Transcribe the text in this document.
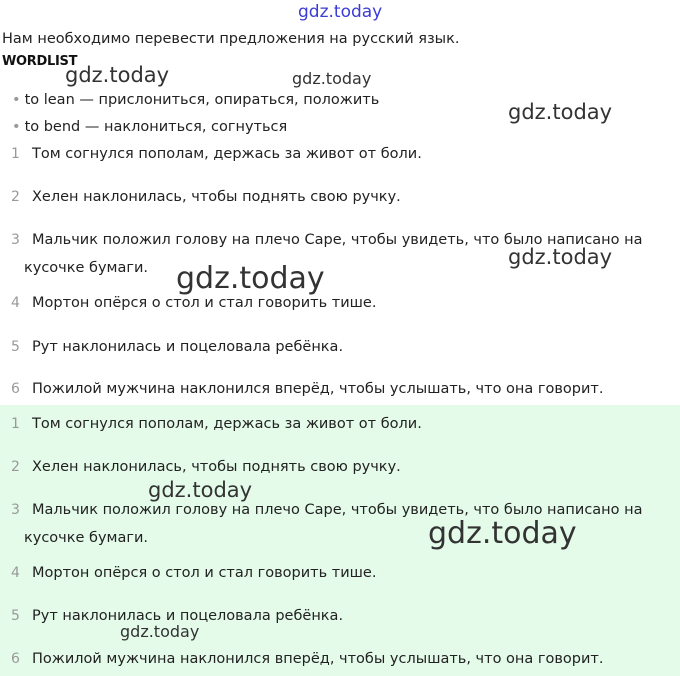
gdz.today
Нам необходимо перевести предложения на русский язык.
WORDLIST
• to lean — прислониться, опираться, положить
• to bend — наклониться, согнуться
1 Том согнулся пополам, держась за живот от боли.
2 Хелен наклонилась, чтобы поднять свою ручку.
3 Мальчик положил голову на плечо Саре, чтобы увидеть, что было написано на
кусочке бумаги.
4 Мортон опёрся о стол и стал говорить тише.
5 Рут наклонилась и поцеловала ребёнка.
6 Пожилой мужчина наклонился вперёд, чтобы услышать, что она говорит.
1 Том согнулся пополам, держась за живот от боли.
2 Хелен наклонилась, чтобы поднять свою ручку.
3 Мальчик положил голову на плечо Саре, чтобы увидеть, что было написано на
кусочке бумаги.
4 Мортон опёрся о стол и стал говорить тише.
5 Рут наклонилась и поцеловала ребёнка.
6 Пожилой мужчина наклонился вперёд, чтобы услышать, что она говорит.
gdz.today	gdz.today
gdz.today
gdz.today
gdz.today
gdz.today
gdz.today
gdz.today
